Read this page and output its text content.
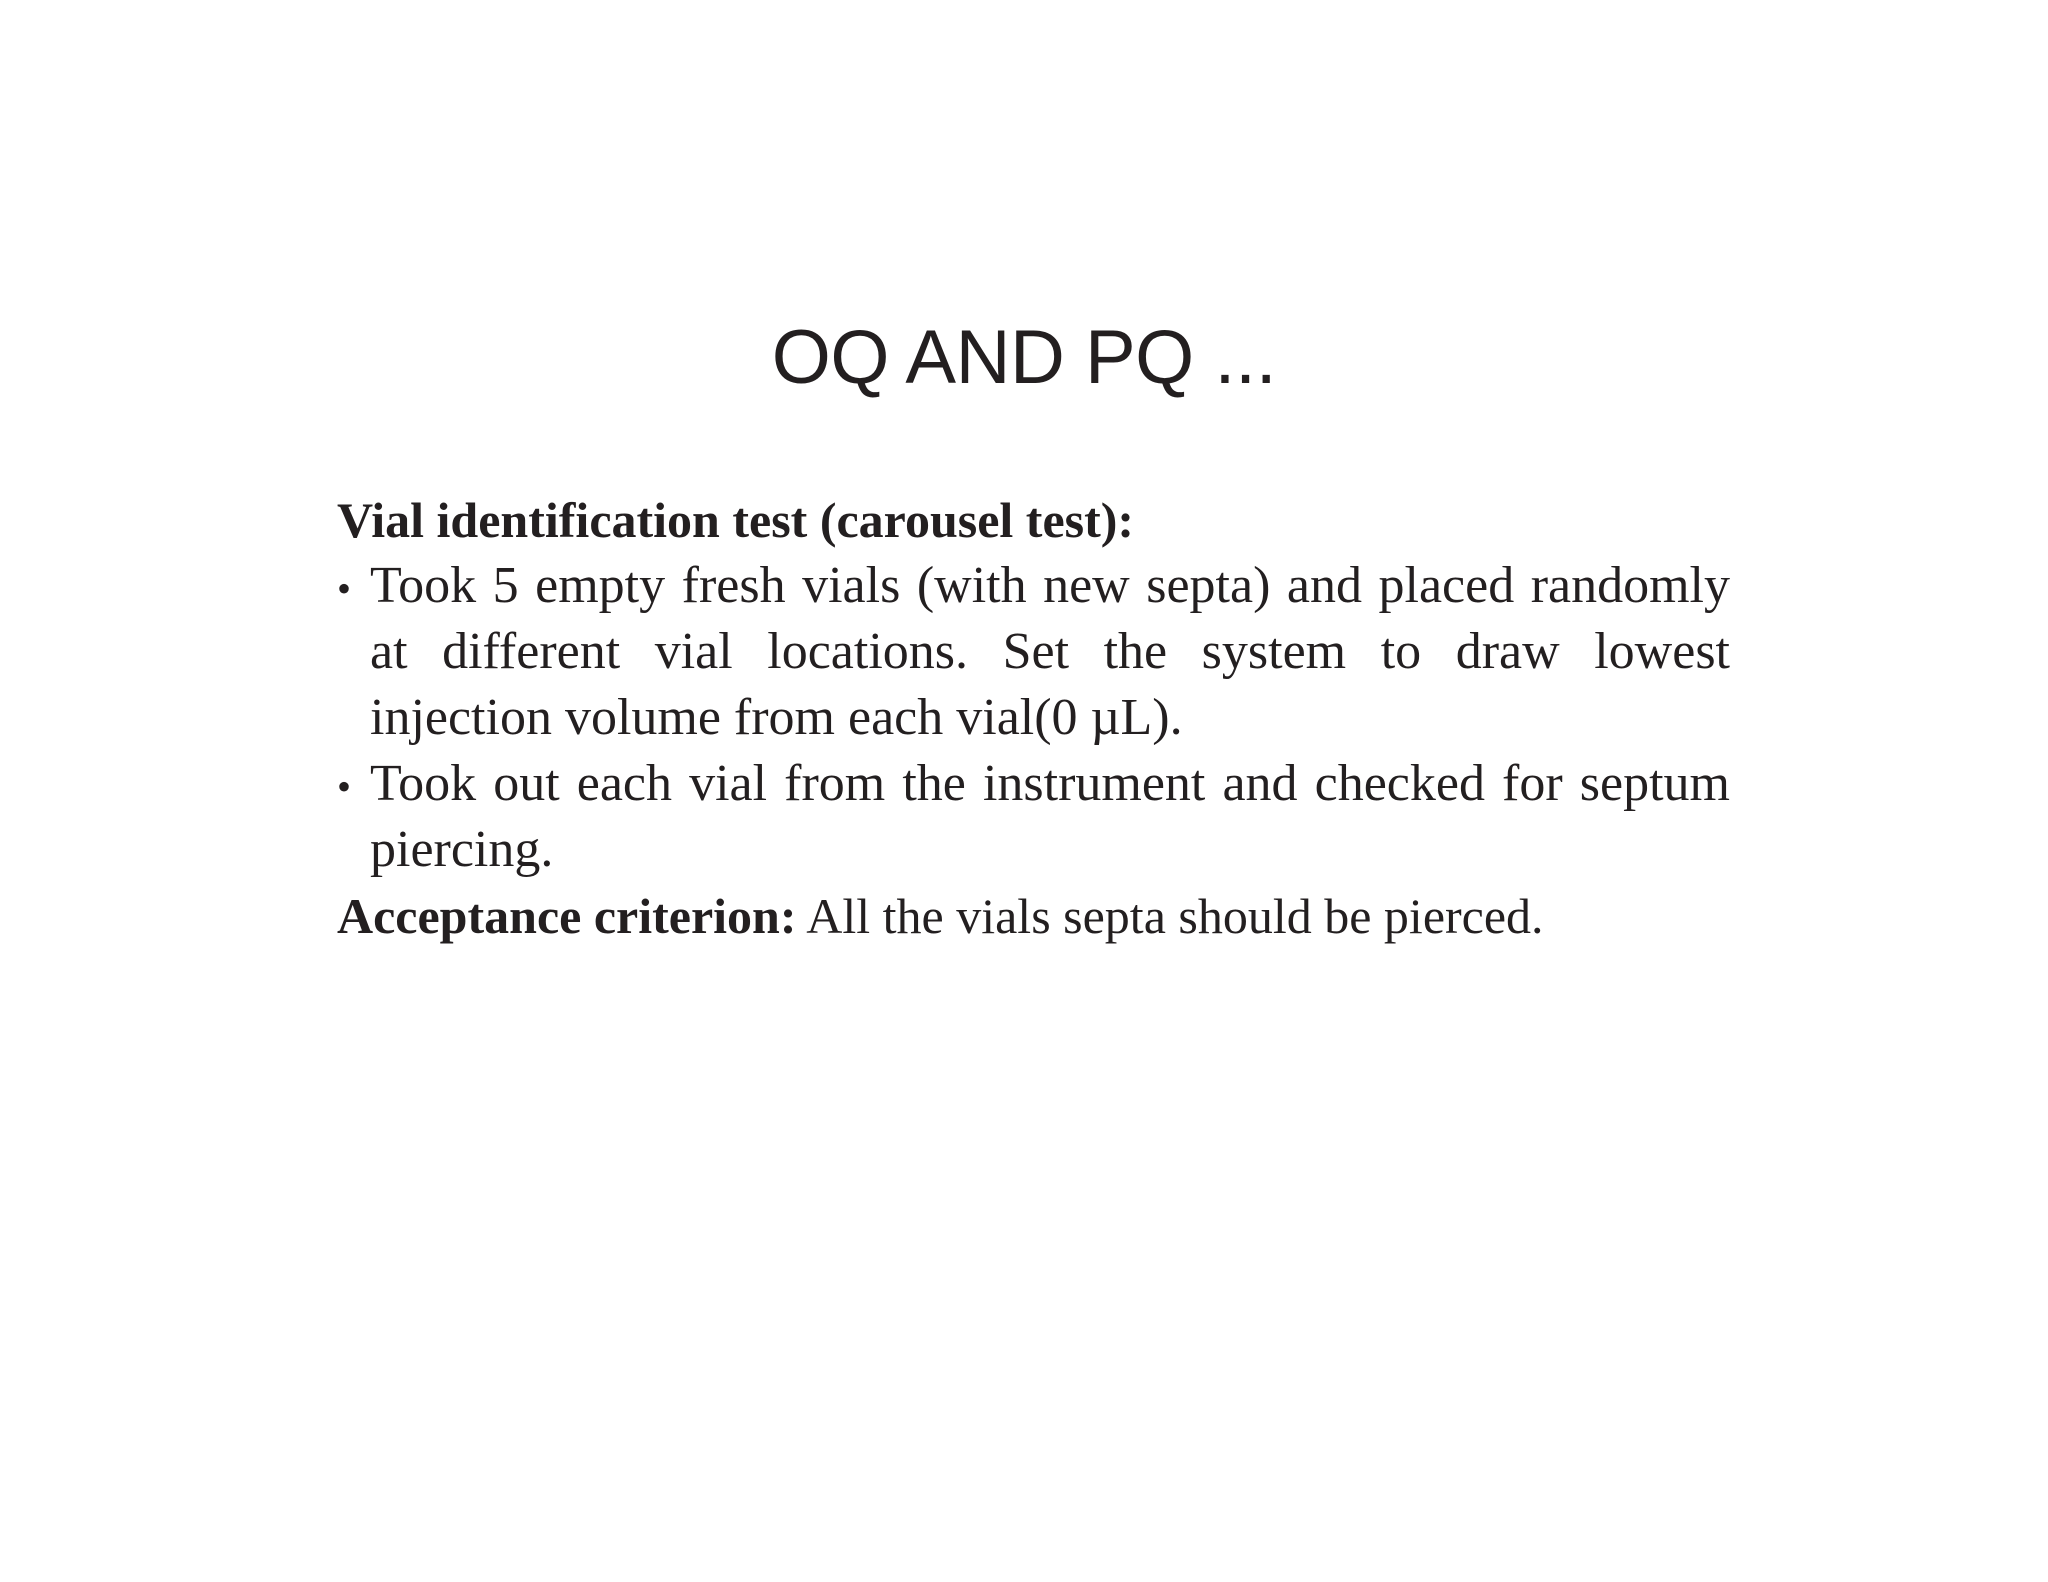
OQ AND PQ ...

Vial identification test (carousel test):

• Took 5 empty fresh vials (with new septa) and placed randomly at different vial locations. Set the system to draw lowest injection volume from each vial(0 µL).
• Took out each vial from the instrument and checked for septum piercing.

Acceptance criterion: All the vials septa should be pierced.
